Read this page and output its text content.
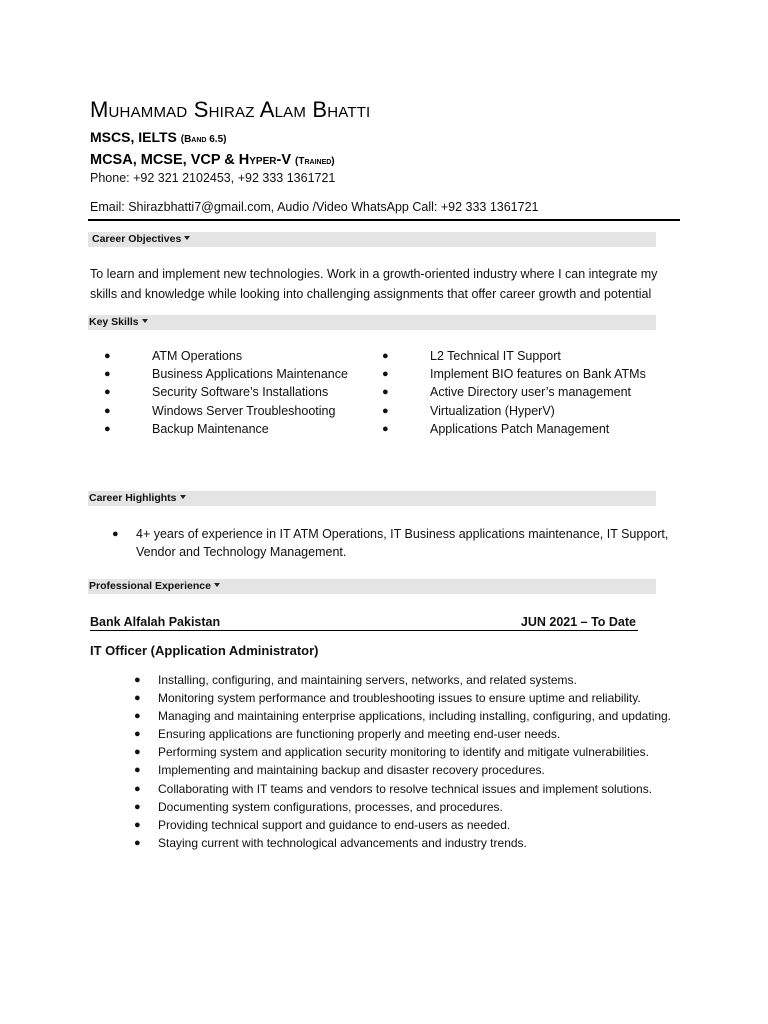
Muhammad Shiraz Alam Bhatti
MSCS, IELTS (Band 6.5)
MCSA, MCSE, VCP & Hyper-V (Trained)
Phone: +92 321 2102453, +92 333 1361721
Email: Shirazbhatti7@gmail.com, Audio /Video WhatsApp Call: +92 333 1361721
Career Objectives
To learn and implement new technologies. Work in a growth-oriented industry where I can integrate my skills and knowledge while looking into challenging assignments that offer career growth and potential
Key Skills
●	ATM Operations
●	Business Applications Maintenance
●	Security Software’s Installations
●	Windows Server Troubleshooting
●	Backup Maintenance
●	L2 Technical IT Support
●	Implement BIO features on Bank ATMs
●	Active Directory user’s management
●	Virtualization (HyperV)
●	Applications Patch Management
Career Highlights
● 4+ years of experience in IT ATM Operations, IT Business applications maintenance, IT Support, Vendor and Technology Management.
Professional Experience
Bank Alfalah Pakistan	JUN 2021 – To Date
IT Officer (Application Administrator)
● Installing, configuring, and maintaining servers, networks, and related systems.
● Monitoring system performance and troubleshooting issues to ensure uptime and reliability.
● Managing and maintaining enterprise applications, including installing, configuring, and updating.
● Ensuring applications are functioning properly and meeting end-user needs.
● Performing system and application security monitoring to identify and mitigate vulnerabilities.
● Implementing and maintaining backup and disaster recovery procedures.
● Collaborating with IT teams and vendors to resolve technical issues and implement solutions.
● Documenting system configurations, processes, and procedures.
● Providing technical support and guidance to end-users as needed.
● Staying current with technological advancements and industry trends.
